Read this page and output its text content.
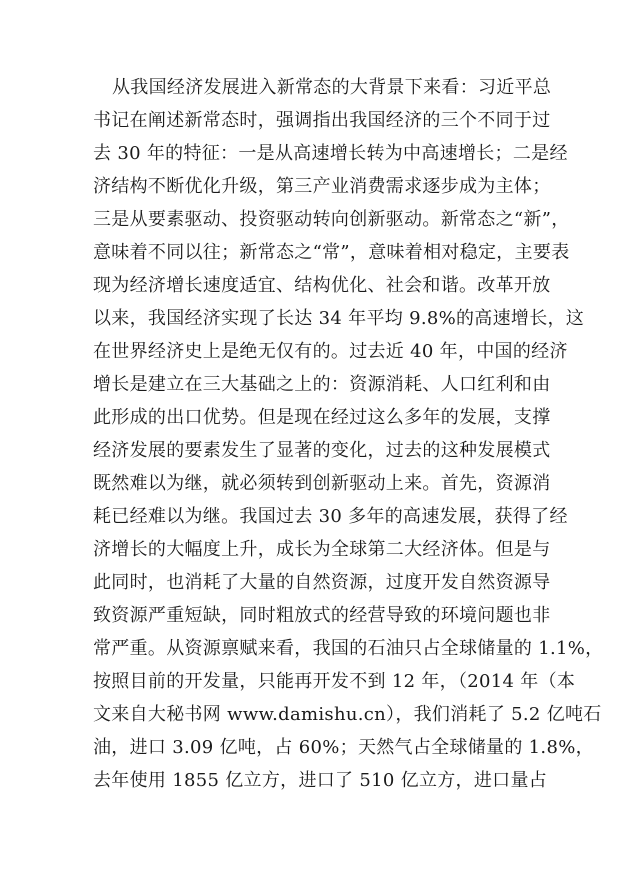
从我国经济发展进入新常态的大背景下来看：习近平总
书记在阐述新常态时，强调指出我国经济的三个不同于过
去 30 年的特征：一是从高速增长转为中高速增长；二是经
济结构不断优化升级，第三产业消费需求逐步成为主体；
三是从要素驱动、投资驱动转向创新驱动。新常态之“新”，
意味着不同以往；新常态之“常”，意味着相对稳定，主要表
现为经济增长速度适宜、结构优化、社会和谐。改革开放
以来，我国经济实现了长达 34 年平均 9.8%的高速增长，这
在世界经济史上是绝无仅有的。过去近 40 年，中国的经济
增长是建立在三大基础之上的：资源消耗、人口红利和由
此形成的出口优势。但是现在经过这么多年的发展，支撑
经济发展的要素发生了显著的变化，过去的这种发展模式
既然难以为继，就必须转到创新驱动上来。首先，资源消
耗已经难以为继。我国过去 30 多年的高速发展，获得了经
济增长的大幅度上升，成长为全球第二大经济体。但是与
此同时，也消耗了大量的自然资源，过度开发自然资源导
致资源严重短缺，同时粗放式的经营导致的环境问题也非
常严重。从资源禀赋来看，我国的石油只占全球储量的 1.1%，
按照目前的开发量，只能再开发不到 12 年，（2014 年（本
文来自大秘书网 www.damishu.cn），我们消耗了 5.2 亿吨石
油，进口 3.09 亿吨，占 60%；天然气占全球储量的 1.8%，
去年使用 1855 亿立方，进口了 510 亿立方，进口量占
